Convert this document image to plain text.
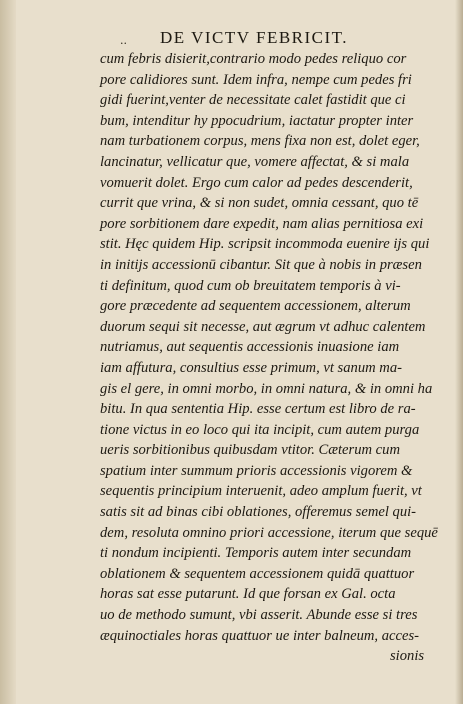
.. DE VICTV FEBRICIT.
cum febris disierit,contrario modo pedes reliquo cor
pore calidiores sunt. Idem infra, nempe cum pedes fri
gidi fuerint,venter de necessitate calet fastidit que ci
bum, intenditur hy ppocudrium, iactatur propter inter
nam turbationem corpus, mens fixa non est, dolet eger,
lancinatur, vellicatur que, vomere affectat, & si mala
vomuerit dolet. Ergo cum calor ad pedes descenderit,
currit que vrina, & si non sudet, omnia cessant, quo tē
pore sorbitionem dare expedit, nam alias pernitiosa exi
stit. Hęc quidem Hip. scripsit incommoda euenire ijs qui
in initijs accessionū cibantur. Sit que à nobis in præsen
ti definitum, quod cum ob breuitatem temporis à vi-
gore præcedente ad sequentem accessionem, alterum
duorum sequi sit necesse, aut ægrum vt adhuc calentem
nutriamus, aut sequentis accessionis inuasione iam
iam affutura, consultius esse primum, vt sanum ma-
gis el gere, in omni morbo, in omni natura, & in omni ha
bitu. In qua sententia Hip. esse certum est libro de ra-
tione victus in eo loco qui ita incipit, cum autem purga
ueris sorbitionibus quibusdam vtitor. Cæterum cum
spatium inter summum prioris accessionis vigorem &
sequentis principium interuenit, adeo amplum fuerit, vt
satis sit ad binas cibi oblationes, offeremus semel qui-
dem, resoluta omnino priori accessione, iterum que sequē
ti nondum incipienti. Temporis autem inter secundam
oblationem & sequentem accessionem quidā quattuor
horas sat esse putarunt. Id que forsan ex Gal. octa
uo de methodo sumunt, vbi asserit. Abunde esse si tres
æquinoctiales horas quattuor ue inter balneum, acces-
sionis
